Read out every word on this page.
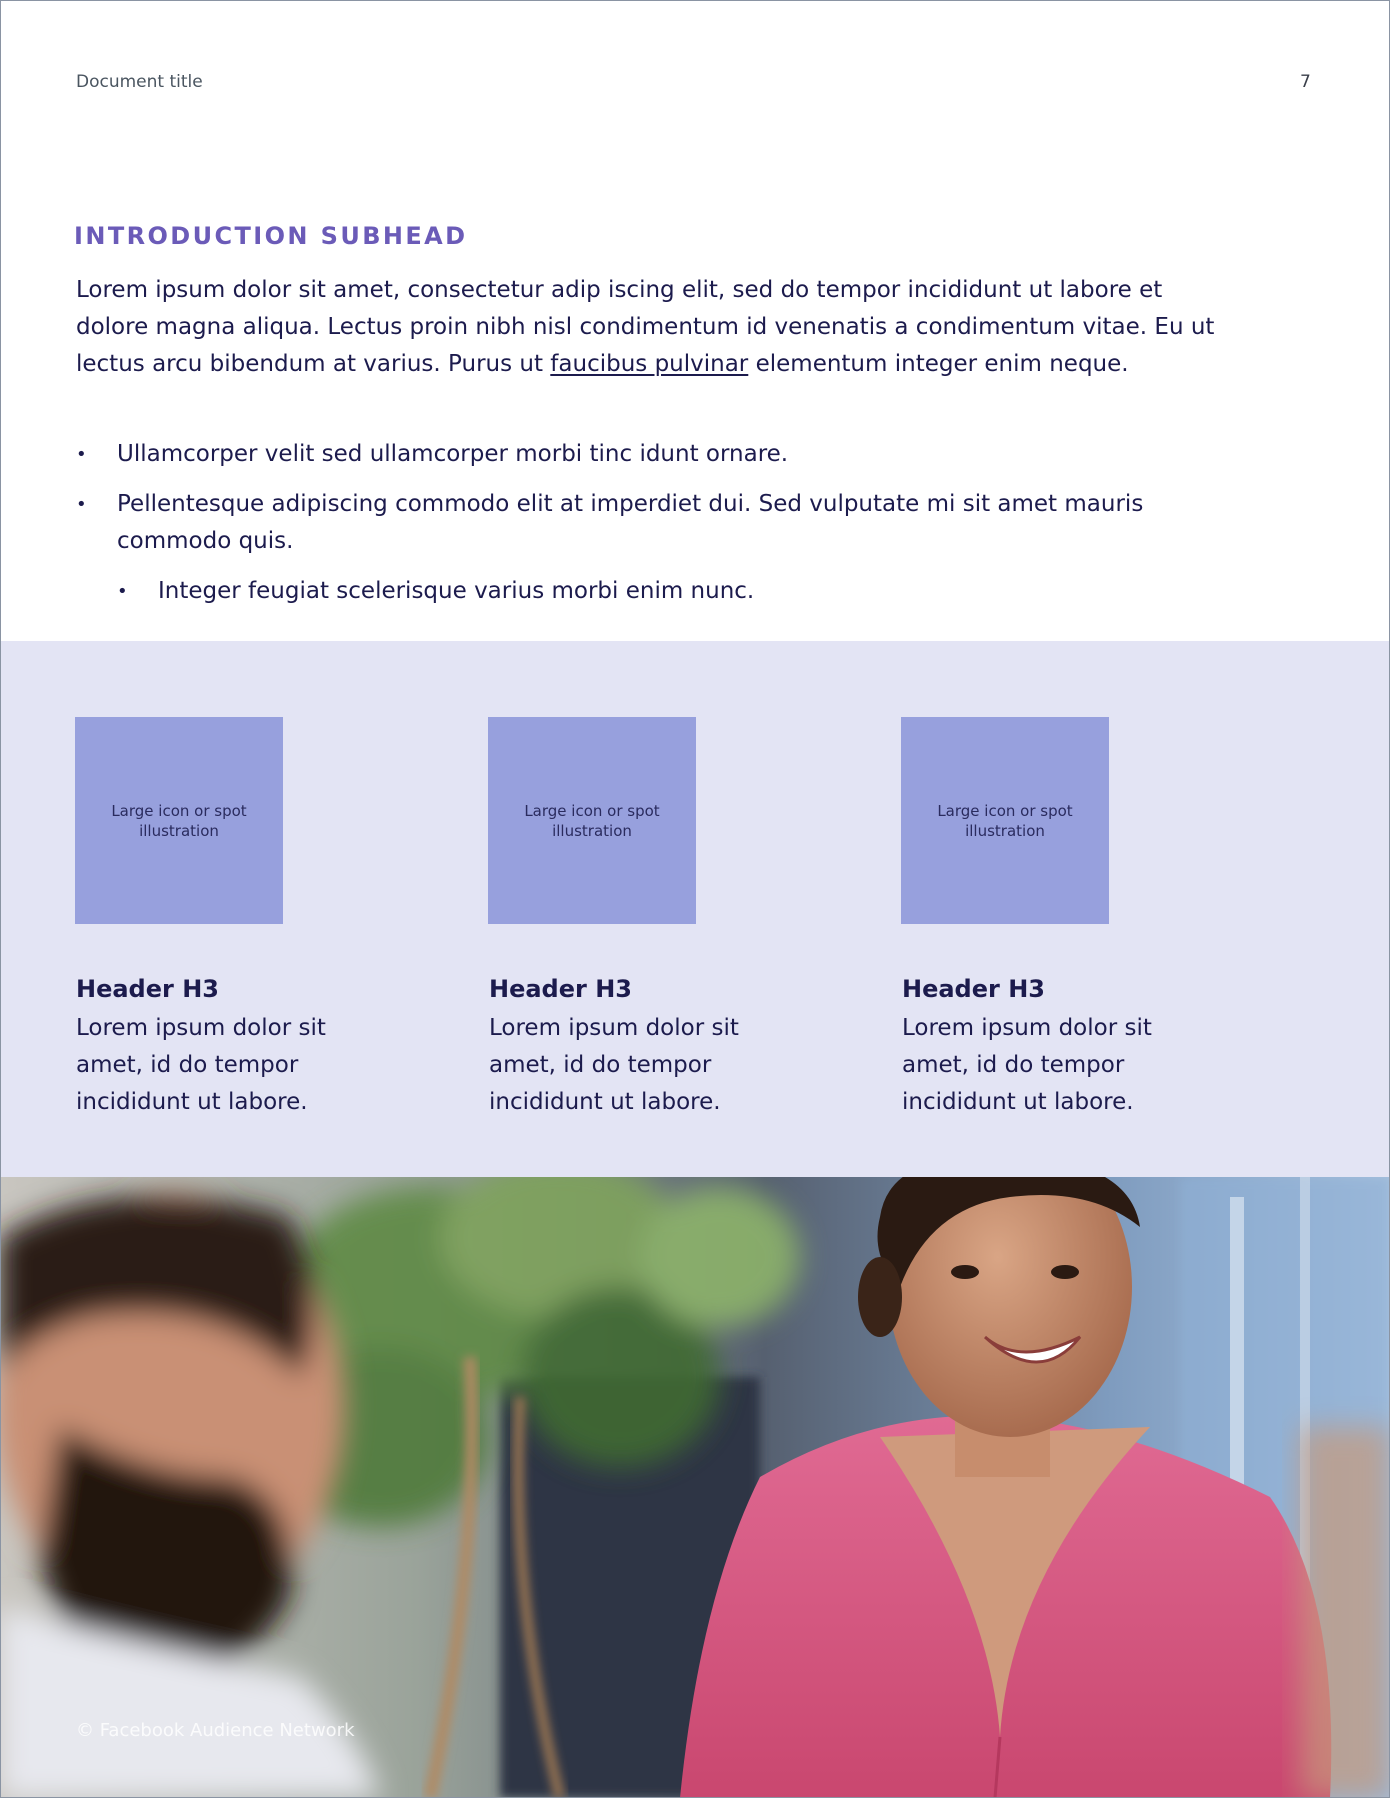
Document title	7
INTRODUCTION SUBHEAD

Lorem ipsum dolor sit amet, consectetur adip iscing elit, sed do tempor incididunt ut labore et dolore magna aliqua. Lectus proin nibh nisl condimentum id venenatis a condimentum vitae. Eu ut lectus arcu bibendum at varius. Purus ut faucibus pulvinar elementum integer enim neque.

• Ullamcorper velit sed ullamcorper morbi tinc idunt ornare.
• Pellentesque adipiscing commodo elit at imperdiet dui. Sed vulputate mi sit amet mauris commodo quis.
• Integer feugiat scelerisque varius morbi enim nunc.
Large icon or spot illustration
Header H3

Lorem ipsum dolor sit amet, id do tempor incididunt ut labore.

Large icon or spot illustration
Header H3

Lorem ipsum dolor sit amet, id do tempor incididunt ut labore.

Large icon or spot illustration
Header H3

Lorem ipsum dolor sit amet, id do tempor incididunt ut labore.

© Facebook Audience Network
